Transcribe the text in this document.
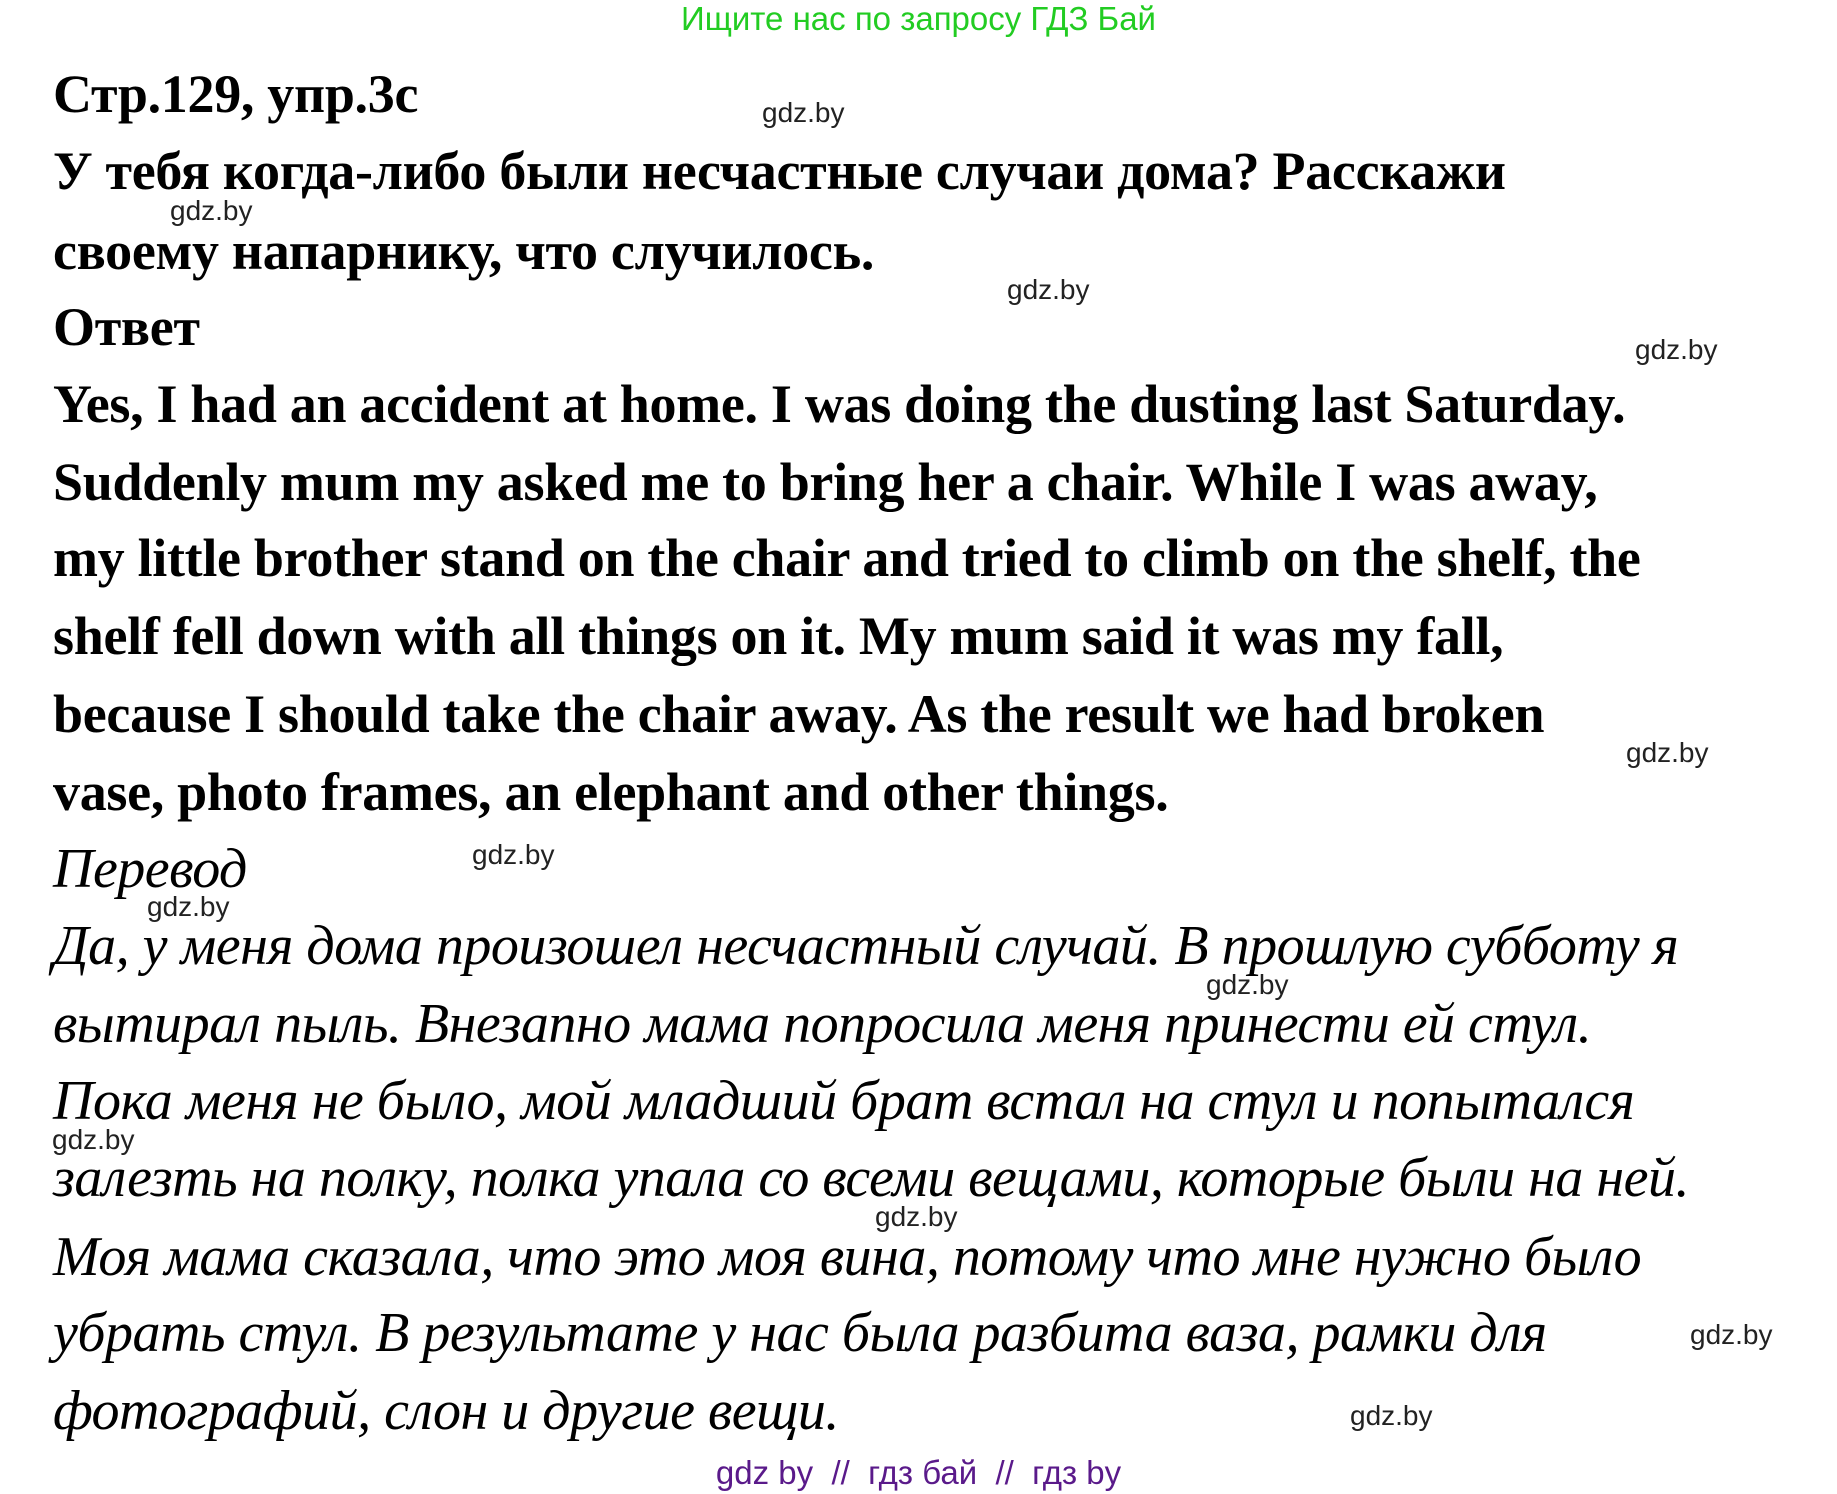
Ищите нас по запросу ГДЗ Бай
Стр.129, упр.3c
У тебя когда-либо были несчастные случаи дома? Расскажи
своему напарнику, что случилось.
Ответ
Yes, I had an accident at home. I was doing the dusting last Saturday.
Suddenly mum my asked me to bring her a chair. While I was away,
my little brother stand on the chair and tried to climb on the shelf, the
shelf fell down with all things on it. My mum said it was my fall,
because I should take the chair away. As the result we had broken
vase, photo frames, an elephant and other things.
Перевод
Да, у меня дома произошел несчастный случай. В прошлую субботу я
вытирал пыль. Внезапно мама попросила меня принести ей стул.
Пока меня не было, мой младший брат встал на стул и попытался
залезть на полку, полка упала со всеми вещами, которые были на ней.
Моя мама сказала, что это моя вина, потому что мне нужно было
убрать стул. В результате у нас была разбита ваза, рамки для
фотографий, слон и другие вещи.
gdz.by
gdz.by
gdz.by
gdz.by
gdz.by
gdz.by
gdz.by
gdz.by
gdz.by
gdz.by
gdz.by
gdz.by
gdz by  //  гдз бай  //  гдз by
